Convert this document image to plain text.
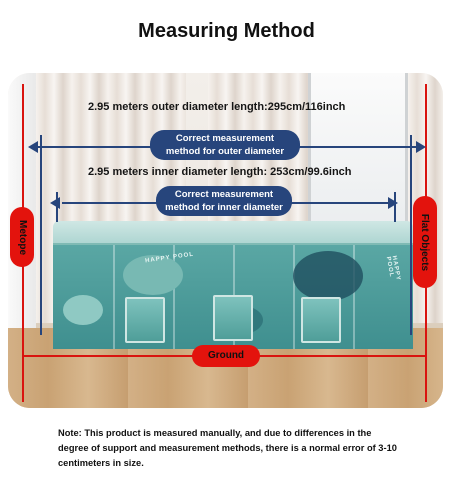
Measuring Method
HAPPY POOL	HAPPY POOL
2.95 meters outer diameter length:295cm/116inch
Correct measurement
method for outer diameter
2.95 meters inner diameter length: 253cm/99.6inch
Correct measurement
method for inner diameter
Metope	Flat Objects
Ground
Note: This product is measured manually, and due to differences in the degree of support and measurement methods, there is a normal error of 3-10 centimeters in size.
